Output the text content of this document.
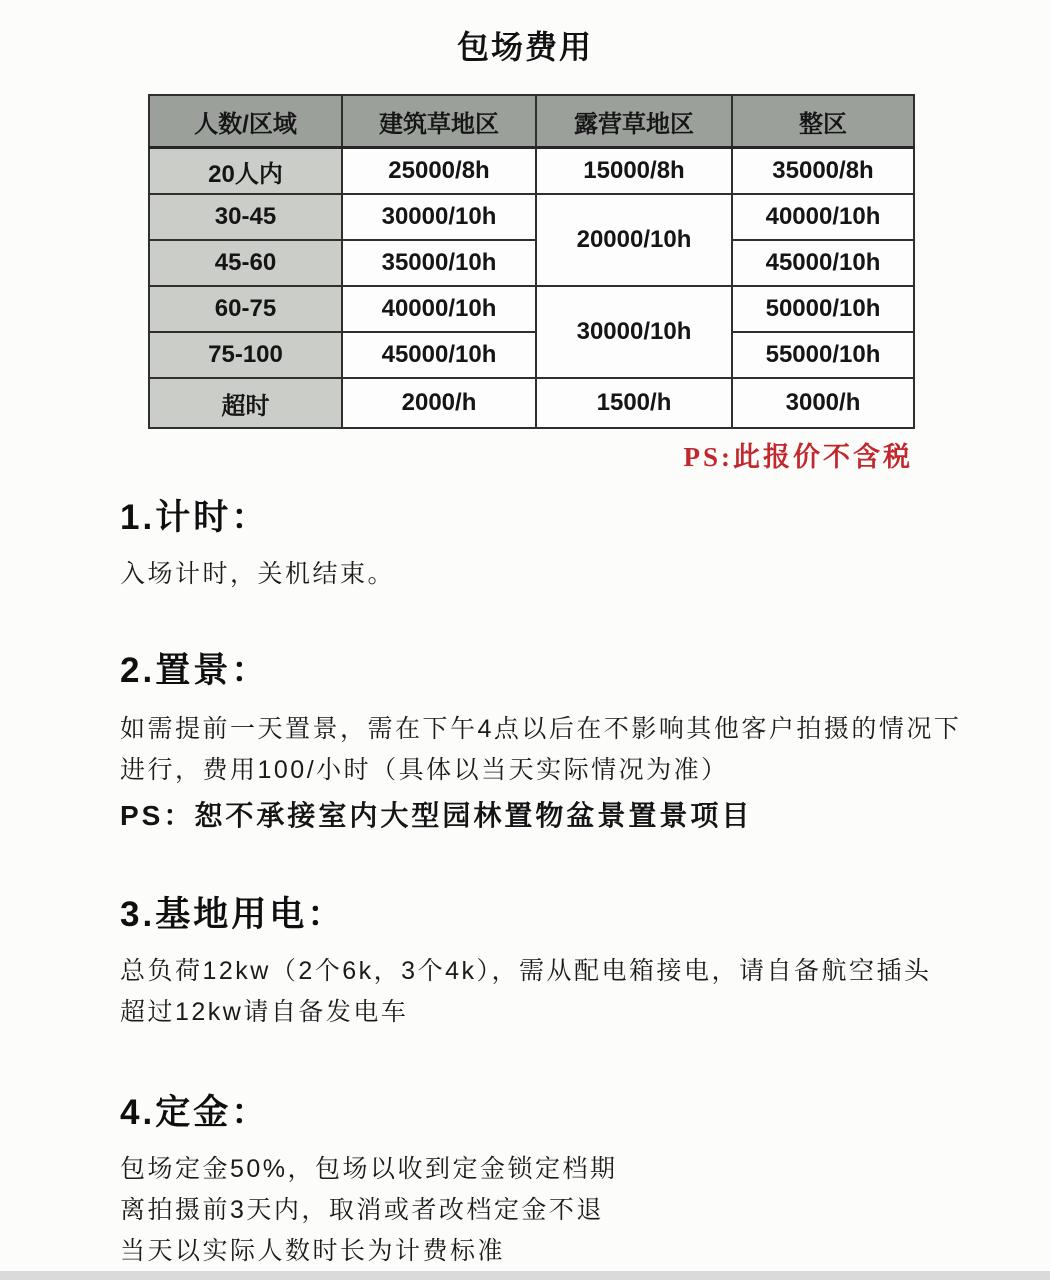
包场费用
人数/区域	建筑草地区	露营草地区	整区
20人内	25000/8h	15000/8h	35000/8h
30-45	30000/10h	20000/10h	40000/10h
45-60	35000/10h		45000/10h
60-75	40000/10h	30000/10h	50000/10h
75-100	45000/10h		55000/10h
超时	2000/h	1500/h	3000/h
PS:此报价不含税
1.计时：
入场计时，关机结束。
2.置景：
如需提前一天置景，需在下午4点以后在不影响其他客户拍摄的情况下
进行，费用100/小时（具体以当天实际情况为准）
PS：恕不承接室内大型园林置物盆景置景项目
3.基地用电：
总负荷12kw（2个6k，3个4k），需从配电箱接电，请自备航空插头
超过12kw请自备发电车
4.定金：
包场定金50%，包场以收到定金锁定档期
离拍摄前3天内，取消或者改档定金不退
当天以实际人数时长为计费标准
